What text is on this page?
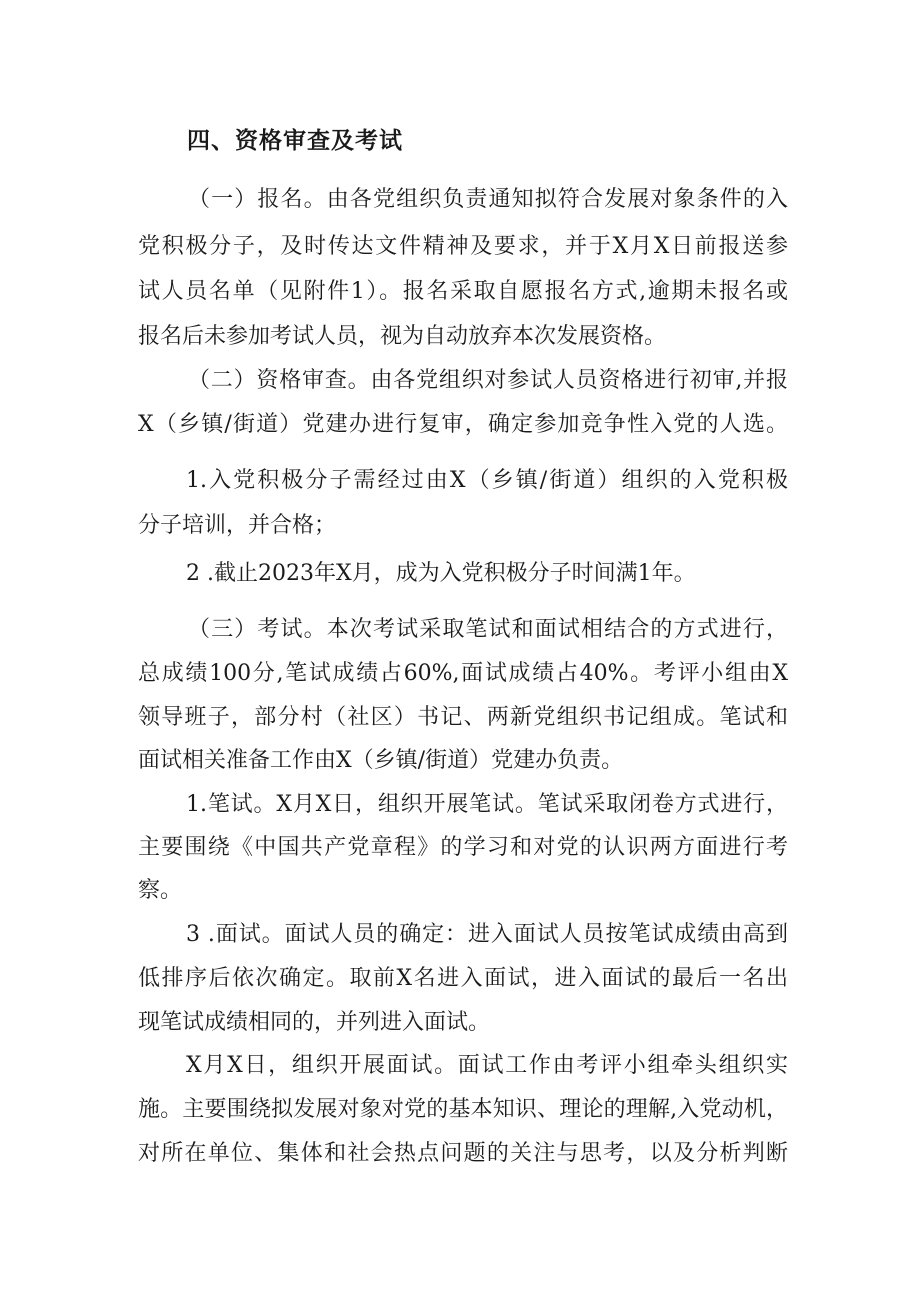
四、资格审查及考试
（一）报名。由各党组织负责通知拟符合发展对象条件的入
党积极分子，及时传达文件精神及要求，并于X月X日前报送参
试人员名单（见附件1）。报名采取自愿报名方式,逾期未报名或
报名后未参加考试人员，视为自动放弃本次发展资格。
（二）资格审查。由各党组织对参试人员资格进行初审,并报
X（乡镇/街道）党建办进行复审，确定参加竞争性入党的人选。
1.入党积极分子需经过由X（乡镇/街道）组织的入党积极
分子培训，并合格；
2 .截止2023年X月，成为入党积极分子时间满1年。
（三）考试。本次考试采取笔试和面试相结合的方式进行，
总成绩100分,笔试成绩占60%,面试成绩占40%。考评小组由X
领导班子，部分村（社区）书记、两新党组织书记组成。笔试和
面试相关准备工作由X（乡镇/街道）党建办负责。
1.笔试。X月X日，组织开展笔试。笔试采取闭卷方式进行，
主要围绕《中国共产党章程》的学习和对党的认识两方面进行考
察。
3 .面试。面试人员的确定：进入面试人员按笔试成绩由高到
低排序后依次确定。取前X名进入面试，进入面试的最后一名出
现笔试成绩相同的，并列进入面试。
X月X日，组织开展面试。面试工作由考评小组牵头组织实
施。主要围绕拟发展对象对党的基本知识、理论的理解,入党动机，
对所在单位、集体和社会热点问题的关注与思考，以及分析判断
